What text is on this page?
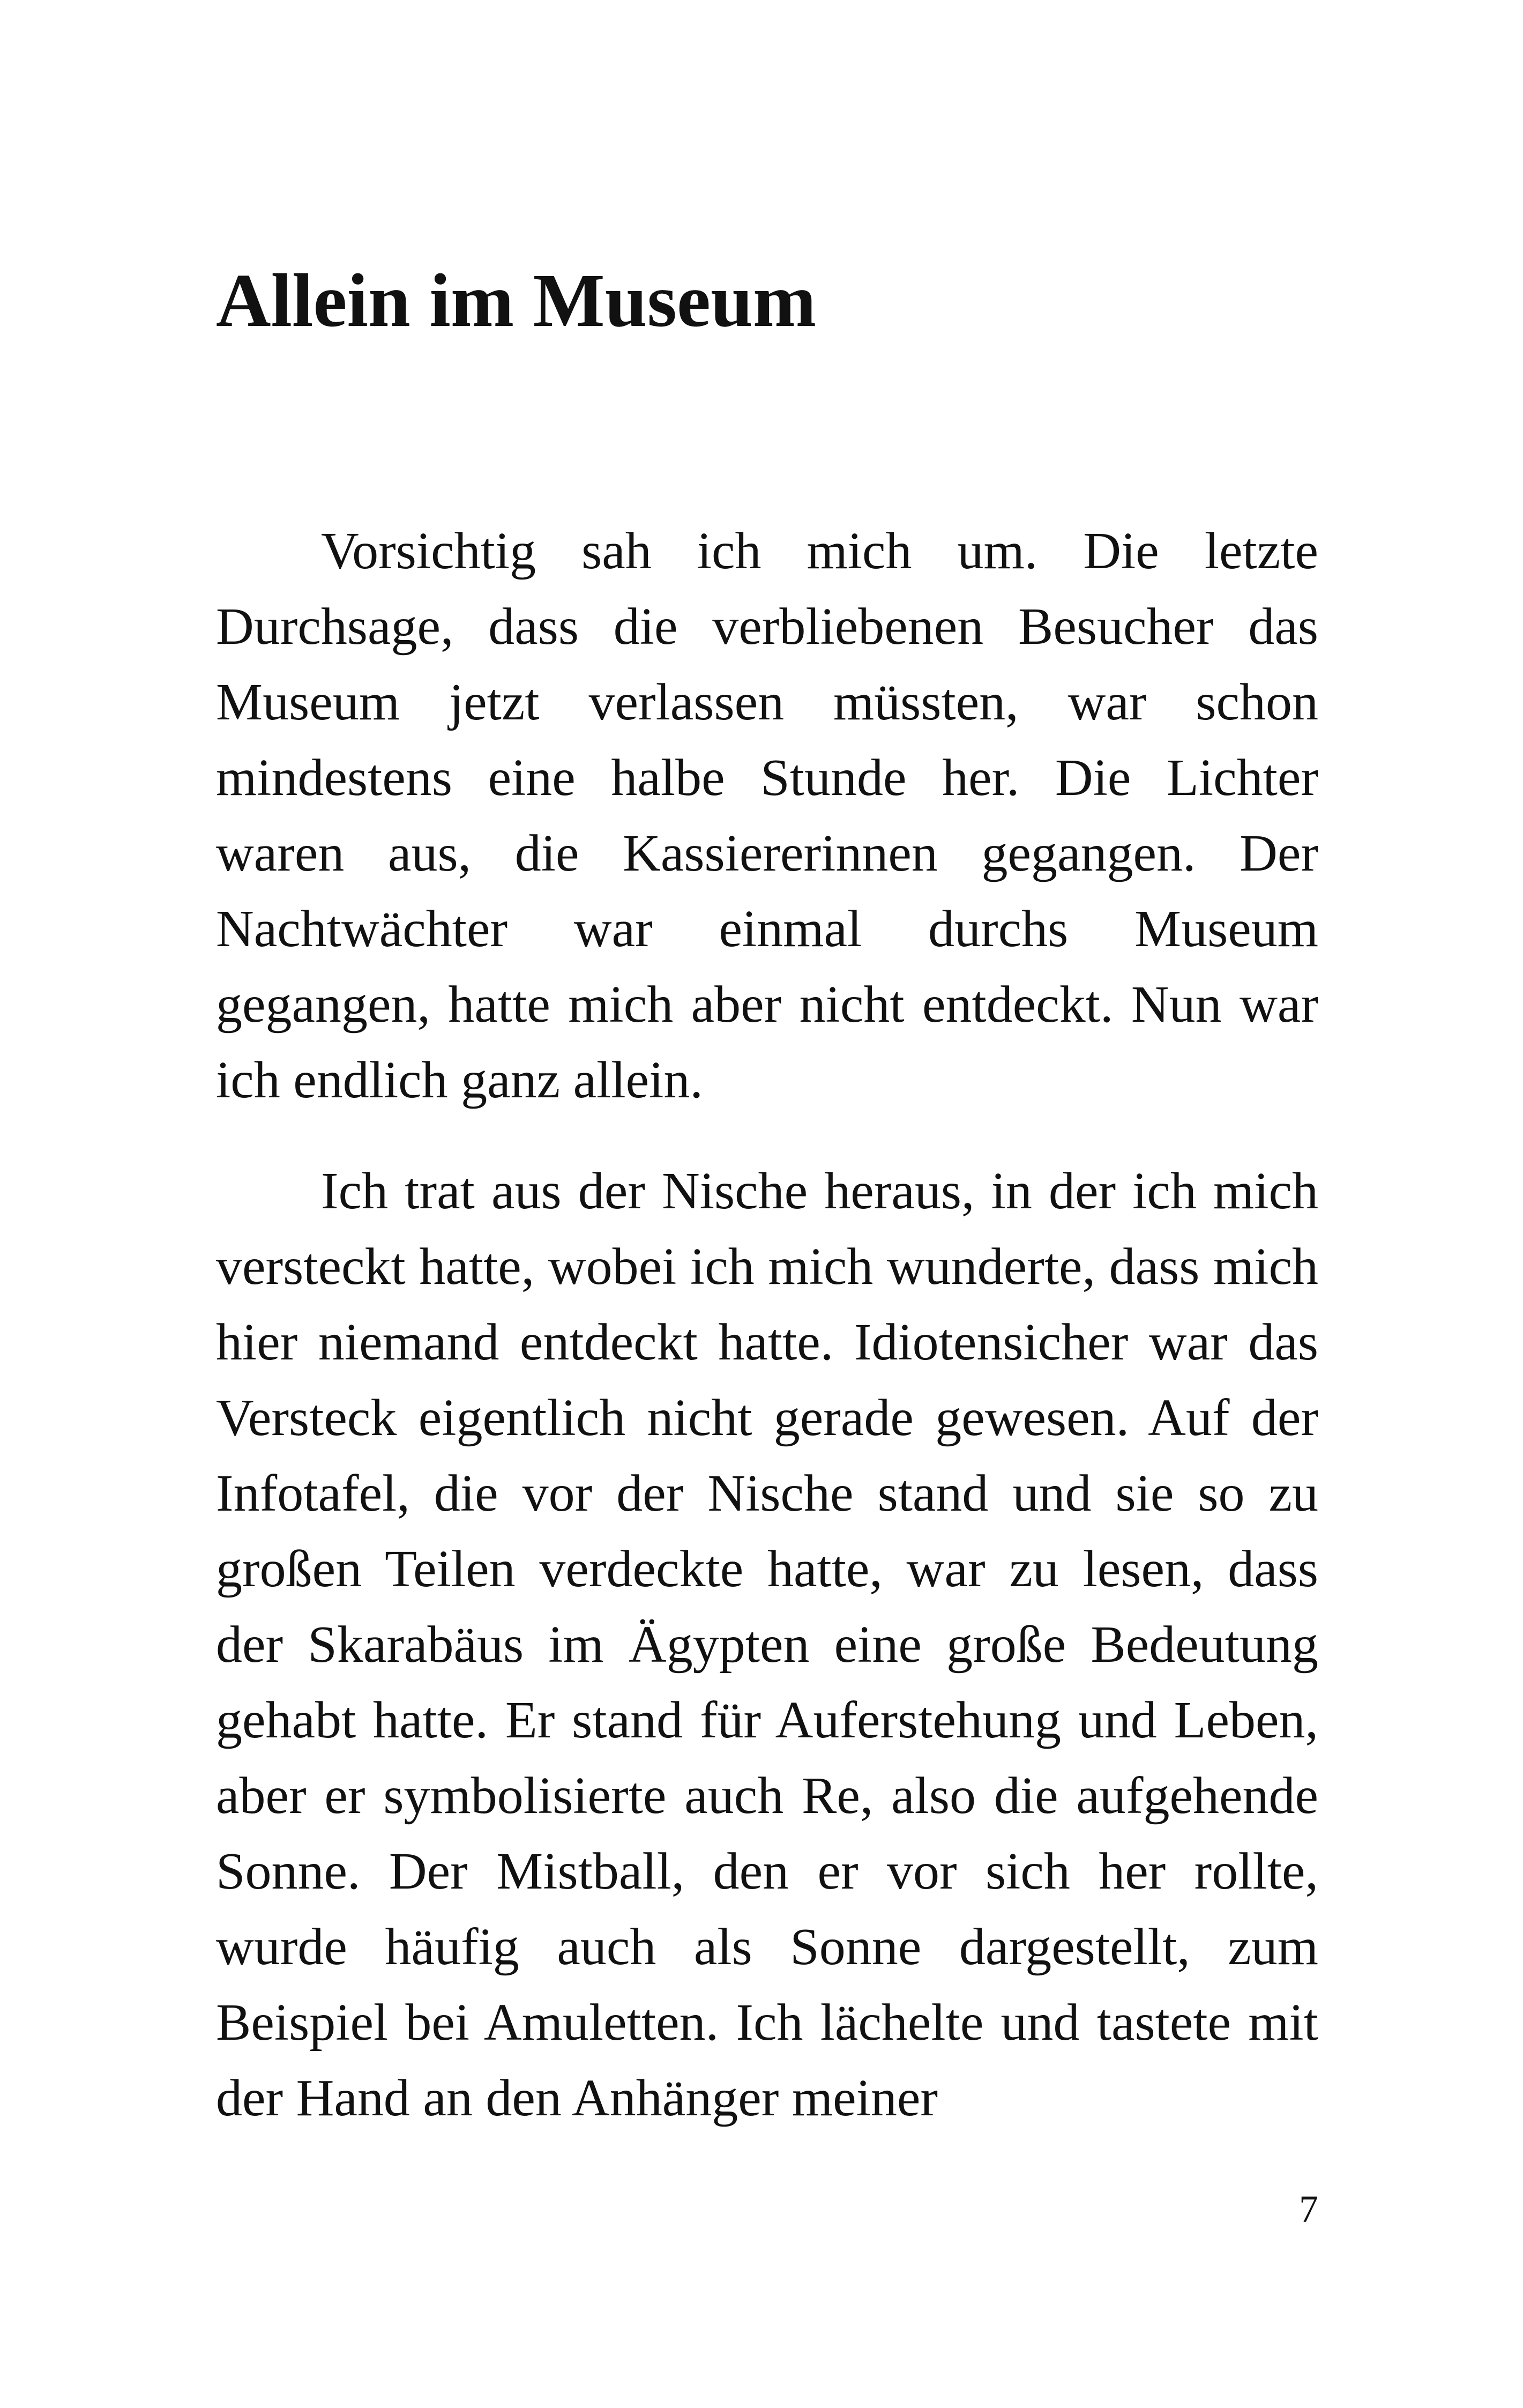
Allein im Museum

Vorsichtig sah ich mich um. Die letzte Durchsage, dass die verbliebenen Besucher das Museum jetzt verlassen müssten, war schon mindestens eine halbe Stunde her. Die Lichter waren aus, die Kassiererinnen gegangen. Der Nachtwächter war einmal durchs Museum gegangen, hatte mich aber nicht entdeckt. Nun war ich endlich ganz allein.

Ich trat aus der Nische heraus, in der ich mich versteckt hatte, wobei ich mich wunderte, dass mich hier niemand entdeckt hatte. Idiotensicher war das Versteck eigentlich nicht gerade gewesen. Auf der Infotafel, die vor der Nische stand und sie so zu großen Teilen verdeckte hatte, war zu lesen, dass der Skarabäus im Ägypten eine große Bedeutung gehabt hatte. Er stand für Auferstehung und Leben, aber er symbolisierte auch Re, also die aufgehende Sonne. Der Mistball, den er vor sich her rollte, wurde häufig auch als Sonne dargestellt, zum Beispiel bei Amuletten. Ich lächelte und tastete mit der Hand an den Anhänger meiner

7
